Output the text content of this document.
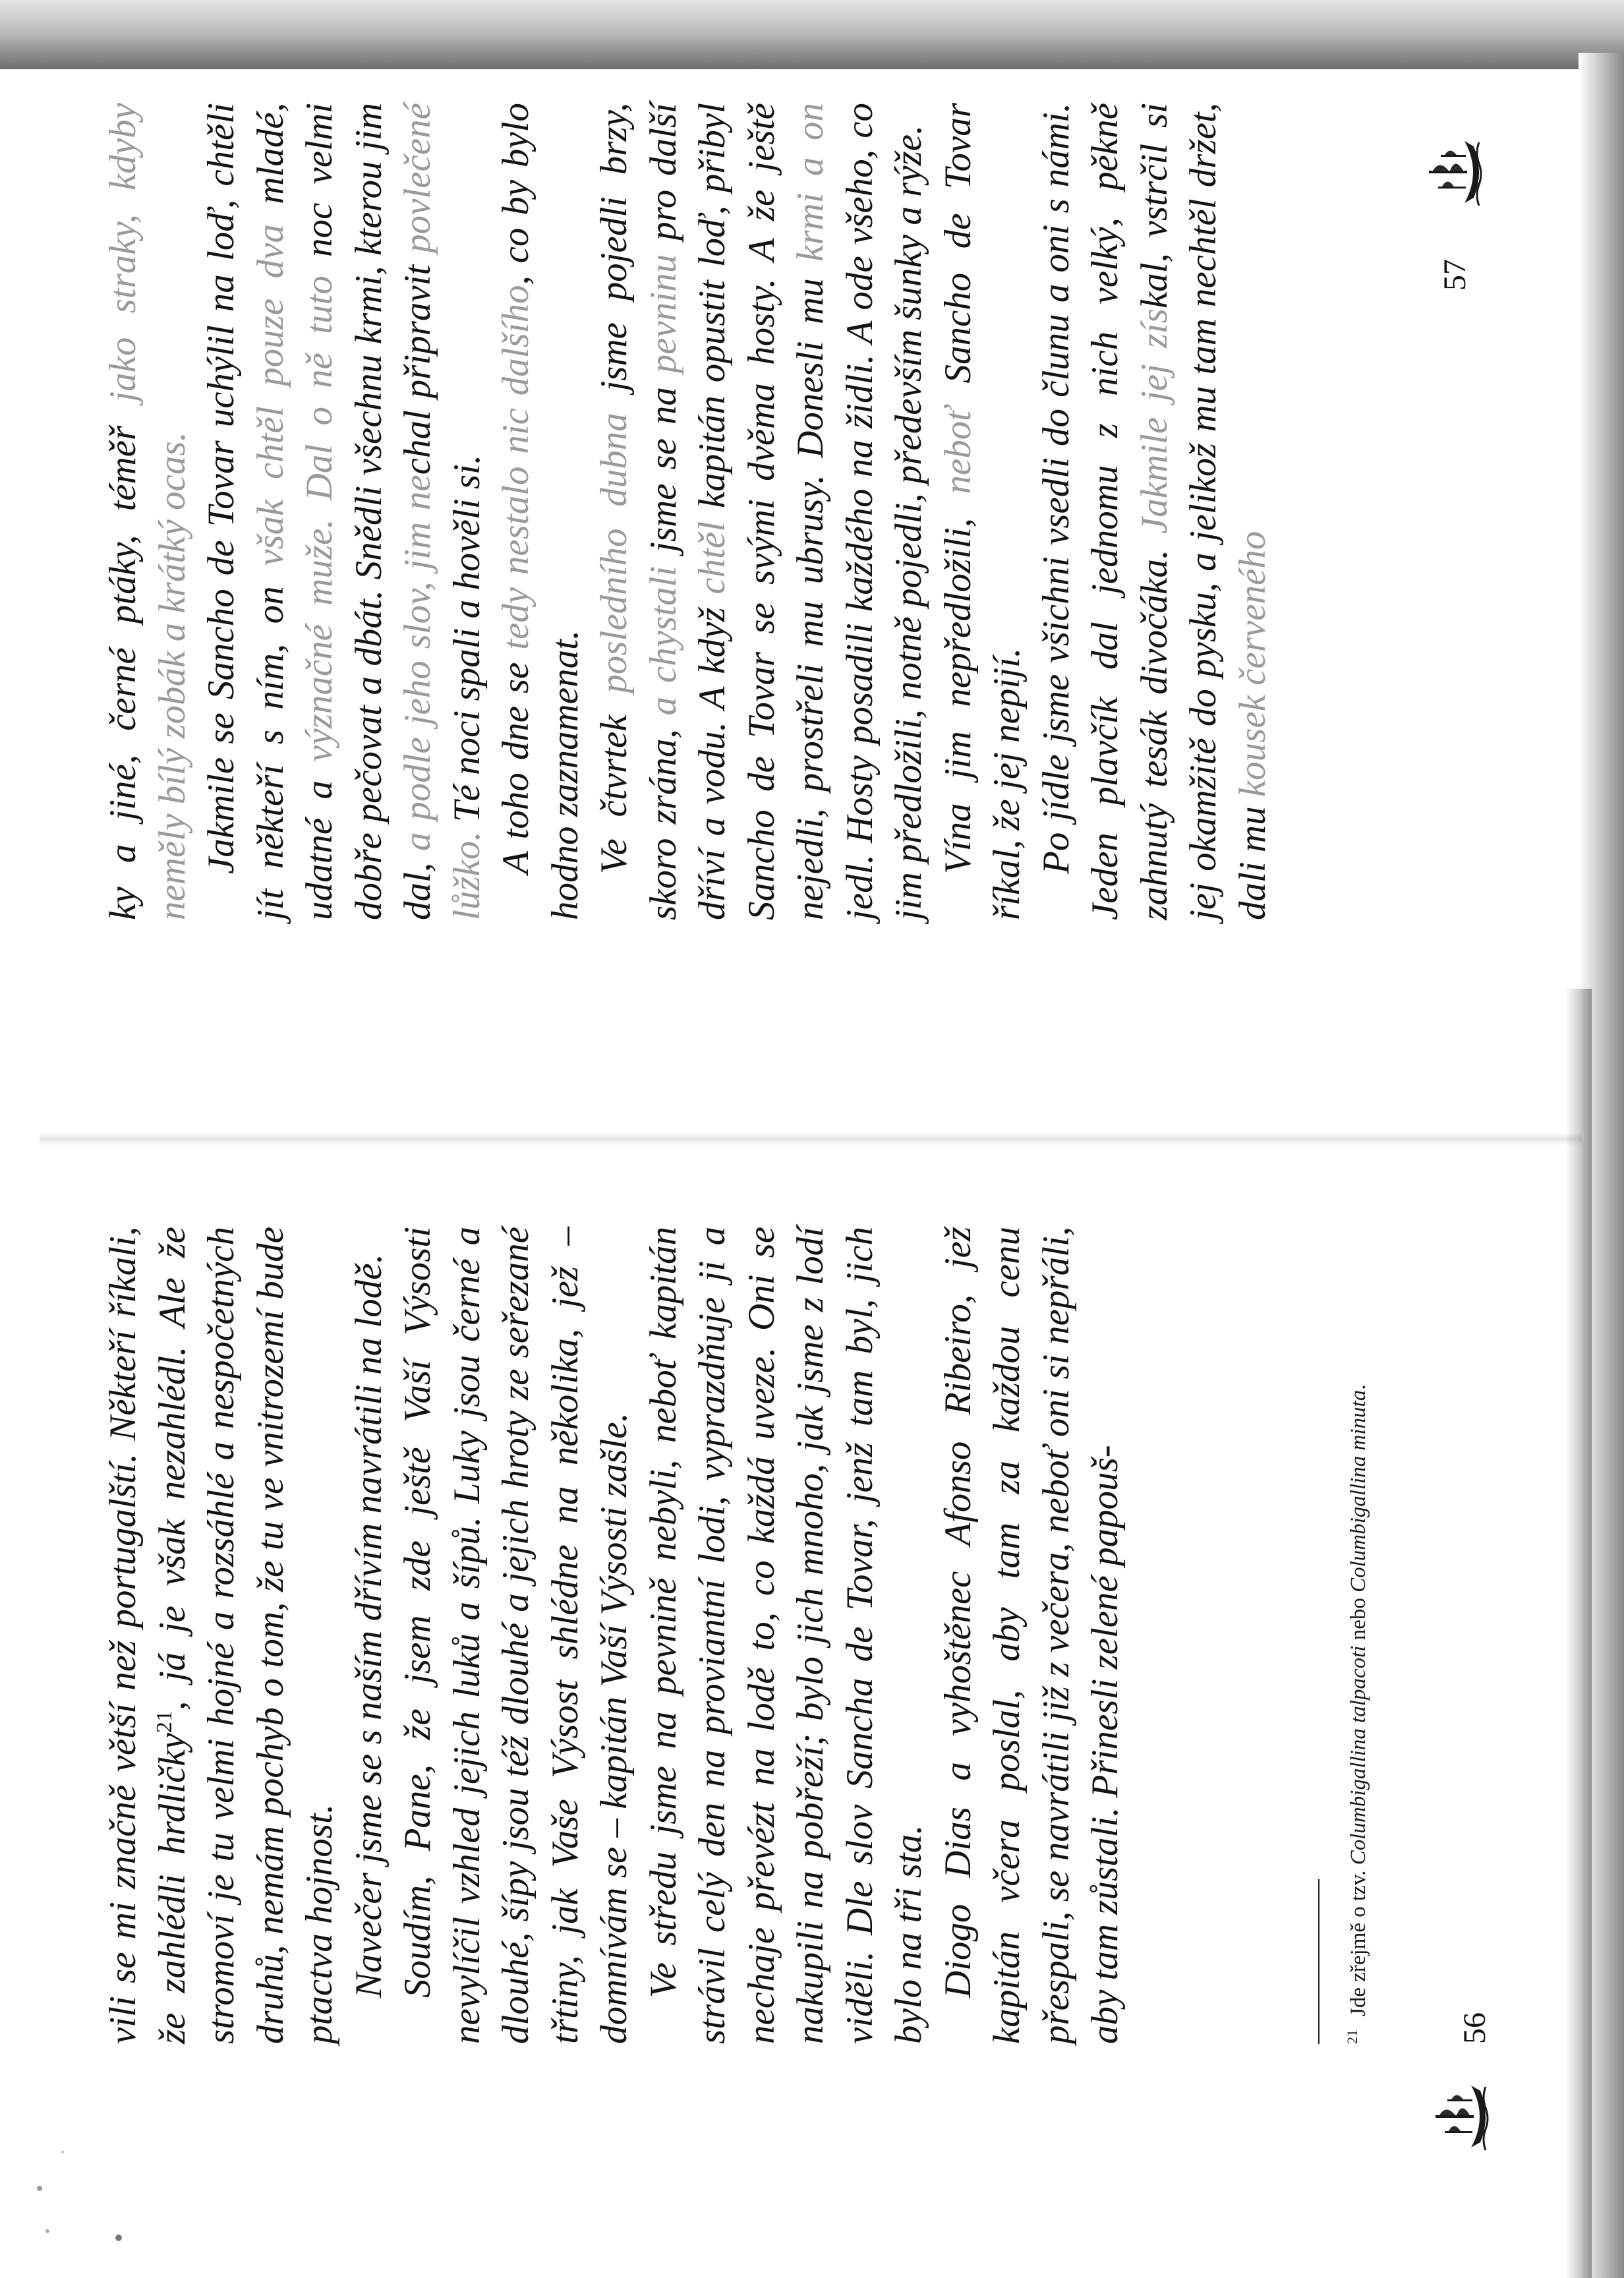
vili se mi značně větší než portugalští. Někteří říkali, že zahlédli hrdličky$^{21}$, já je však nezahlédl. Ale že stromoví je tu velmi hojné a rozsáhlé a nespočetných druhů, nemám pochyb o tom, že tu ve vnitrozemí bude ptactva hojnost. Navečer jsme se s naším dřívím navrátili na lodě. Soudím, Pane, že jsem zde ještě Vaší Výsosti nevylíčil vzhled jejich luků a šípů. Luky jsou černé a dlouhé, šípy jsou též dlouhé a jejich hroty ze seřezané třtiny, jak Vaše Výsost shlédne na několika, jež – domnívám se – kapitán Vaší Výsosti zašle. Ve středu jsme na pevnině nebyli, neboť kapitán strávil celý den na proviantní lodi, vyprazdňuje ji a nechaje převézt na lodě to, co každá uveze. Oni se nakupili na pobřeží; bylo jich mnoho, jak jsme z lodí viděli. Dle slov Sancha de Tovar, jenž tam byl, jich bylo na tři sta. Diogo Dias a vyhoštěnec Afonso Ribeiro, jež kapitán včera poslal, aby tam za každou cenu přespali, se navrátili již z večera, neboť oni si nepřáli, aby tam zůstali. Přinesli zelené papouš-	$^{21}$Jde zřejmě o tzv. Columbigallina talpacoti nebo Columbigallina minuta.
56

ky a jiné, černé ptáky, téměř jako straky, kdyby neměly bílý zobák a krátký ocas. Jakmile se Sancho de Tovar uchýlil na loď, chtěli jít někteří s ním, on však chtěl pouze dva mladé, udatné a význačné muže. Dal o ně tuto noc velmi dobře pečovat a dbát. Snědli všechnu krmi, kterou jim dal, a podle jeho slov, jim nechal připravit povlečené lůžko. Té noci spali a hověli si. A toho dne se tedy nestalo nic dalšího, co by bylo hodno zaznamenat. Ve čtvrtek posledního dubna jsme pojedli brzy, skoro zrána, a chystali jsme se na pevninu pro další dříví a vodu. A když chtěl kapitán opustit loď, přibyl Sancho de Tovar se svými dvěma hosty. A že ještě nejedli, prostřeli mu ubrusy. Donesli mu krmi a on jedl. Hosty posadili každého na židli. A ode všeho, co jim předložili, notně pojedli, především šunky a rýže. Vína jim nepředložili, neboť Sancho de Tovar říkal, že jej nepijí. Po jídle jsme všichni vsedli do člunu a oni s námi. Jeden plavčík dal jednomu z nich velký, pěkně zahnutý tesák divočáka. Jakmile jej získal, vstrčil si jej okamžitě do pysku, a jelikož mu tam nechtěl držet, dali mu kousek červeného

57
